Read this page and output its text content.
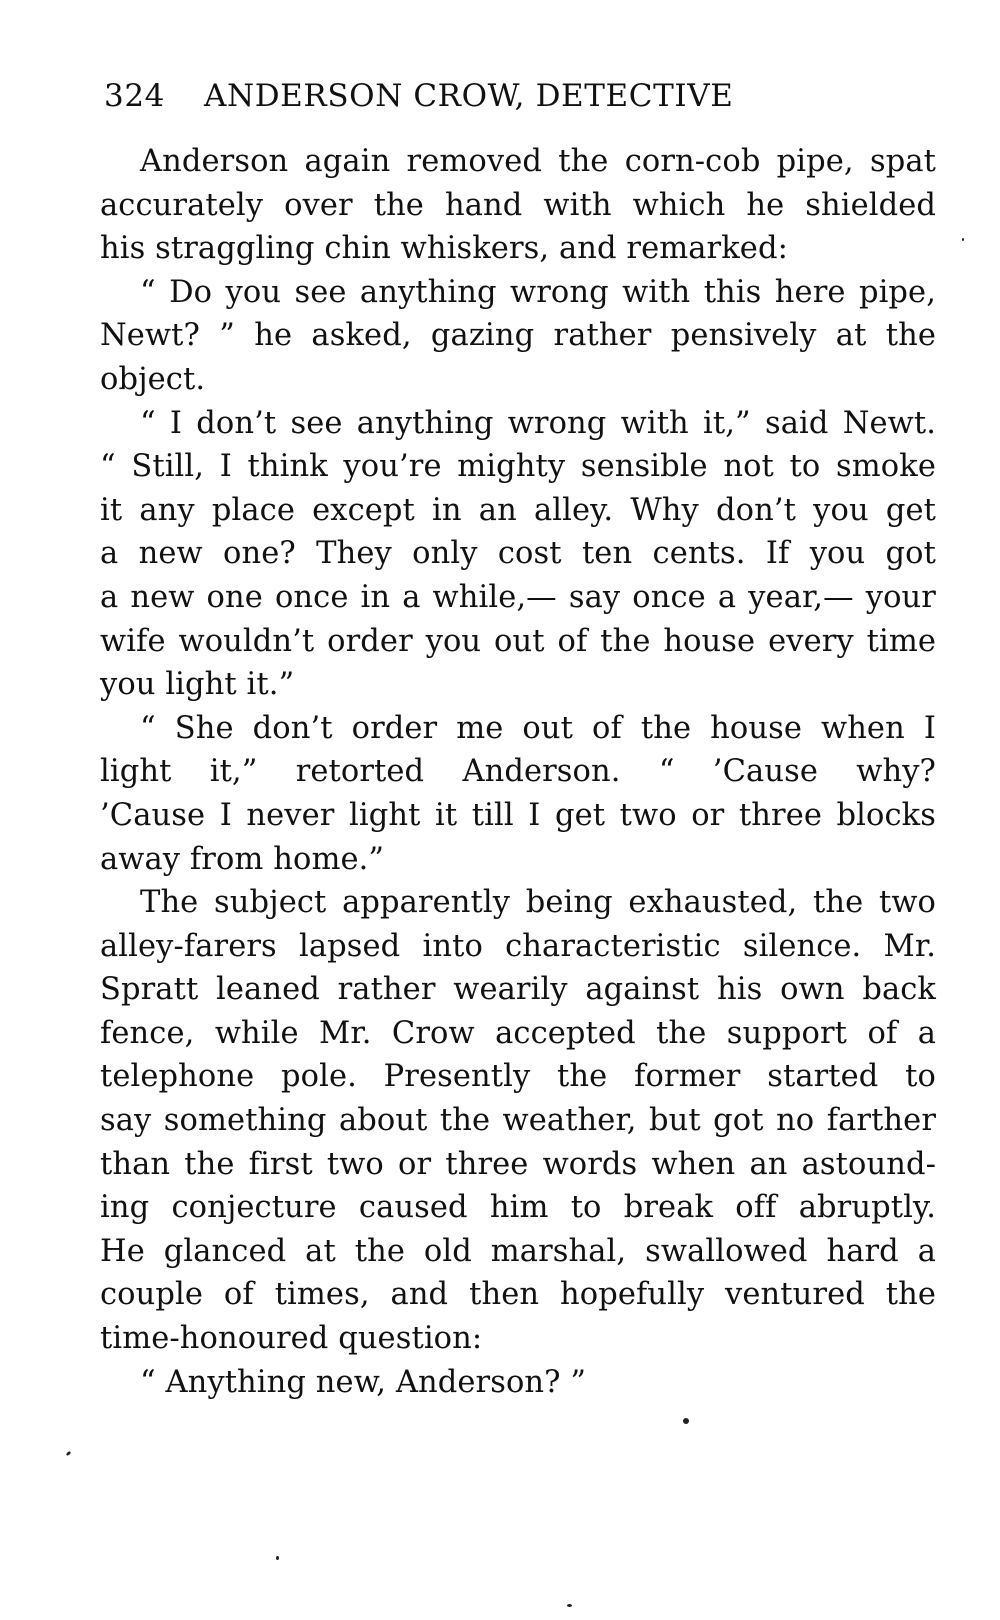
324 ANDERSON CROW, DETECTIVE
Anderson again removed the corn-cob pipe, spat
accurately over the hand with which he shielded
his straggling chin whiskers, and remarked:
“ Do you see anything wrong with this here pipe,
Newt? ” he asked, gazing rather pensively at the
object.
“ I don’t see anything wrong with it,” said Newt.
“ Still, I think you’re mighty sensible not to smoke
it any place except in an alley. Why don’t you get
a new one? They only cost ten cents. If you got
a new one once in a while,— say once a year,— your
wife wouldn’t order you out of the house every time
you light it.”
“ She don’t order me out of the house when I
light it,” retorted Anderson. “ ’Cause why?
’Cause I never light it till I get two or three blocks
away from home.”
The subject apparently being exhausted, the two
alley-farers lapsed into characteristic silence. Mr.
Spratt leaned rather wearily against his own back
fence, while Mr. Crow accepted the support of a
telephone pole. Presently the former started to
say something about the weather, but got no farther
than the first two or three words when an astound-
ing conjecture caused him to break off abruptly.
He glanced at the old marshal, swallowed hard a
couple of times, and then hopefully ventured the
time-honoured question:
“ Anything new, Anderson? ”
